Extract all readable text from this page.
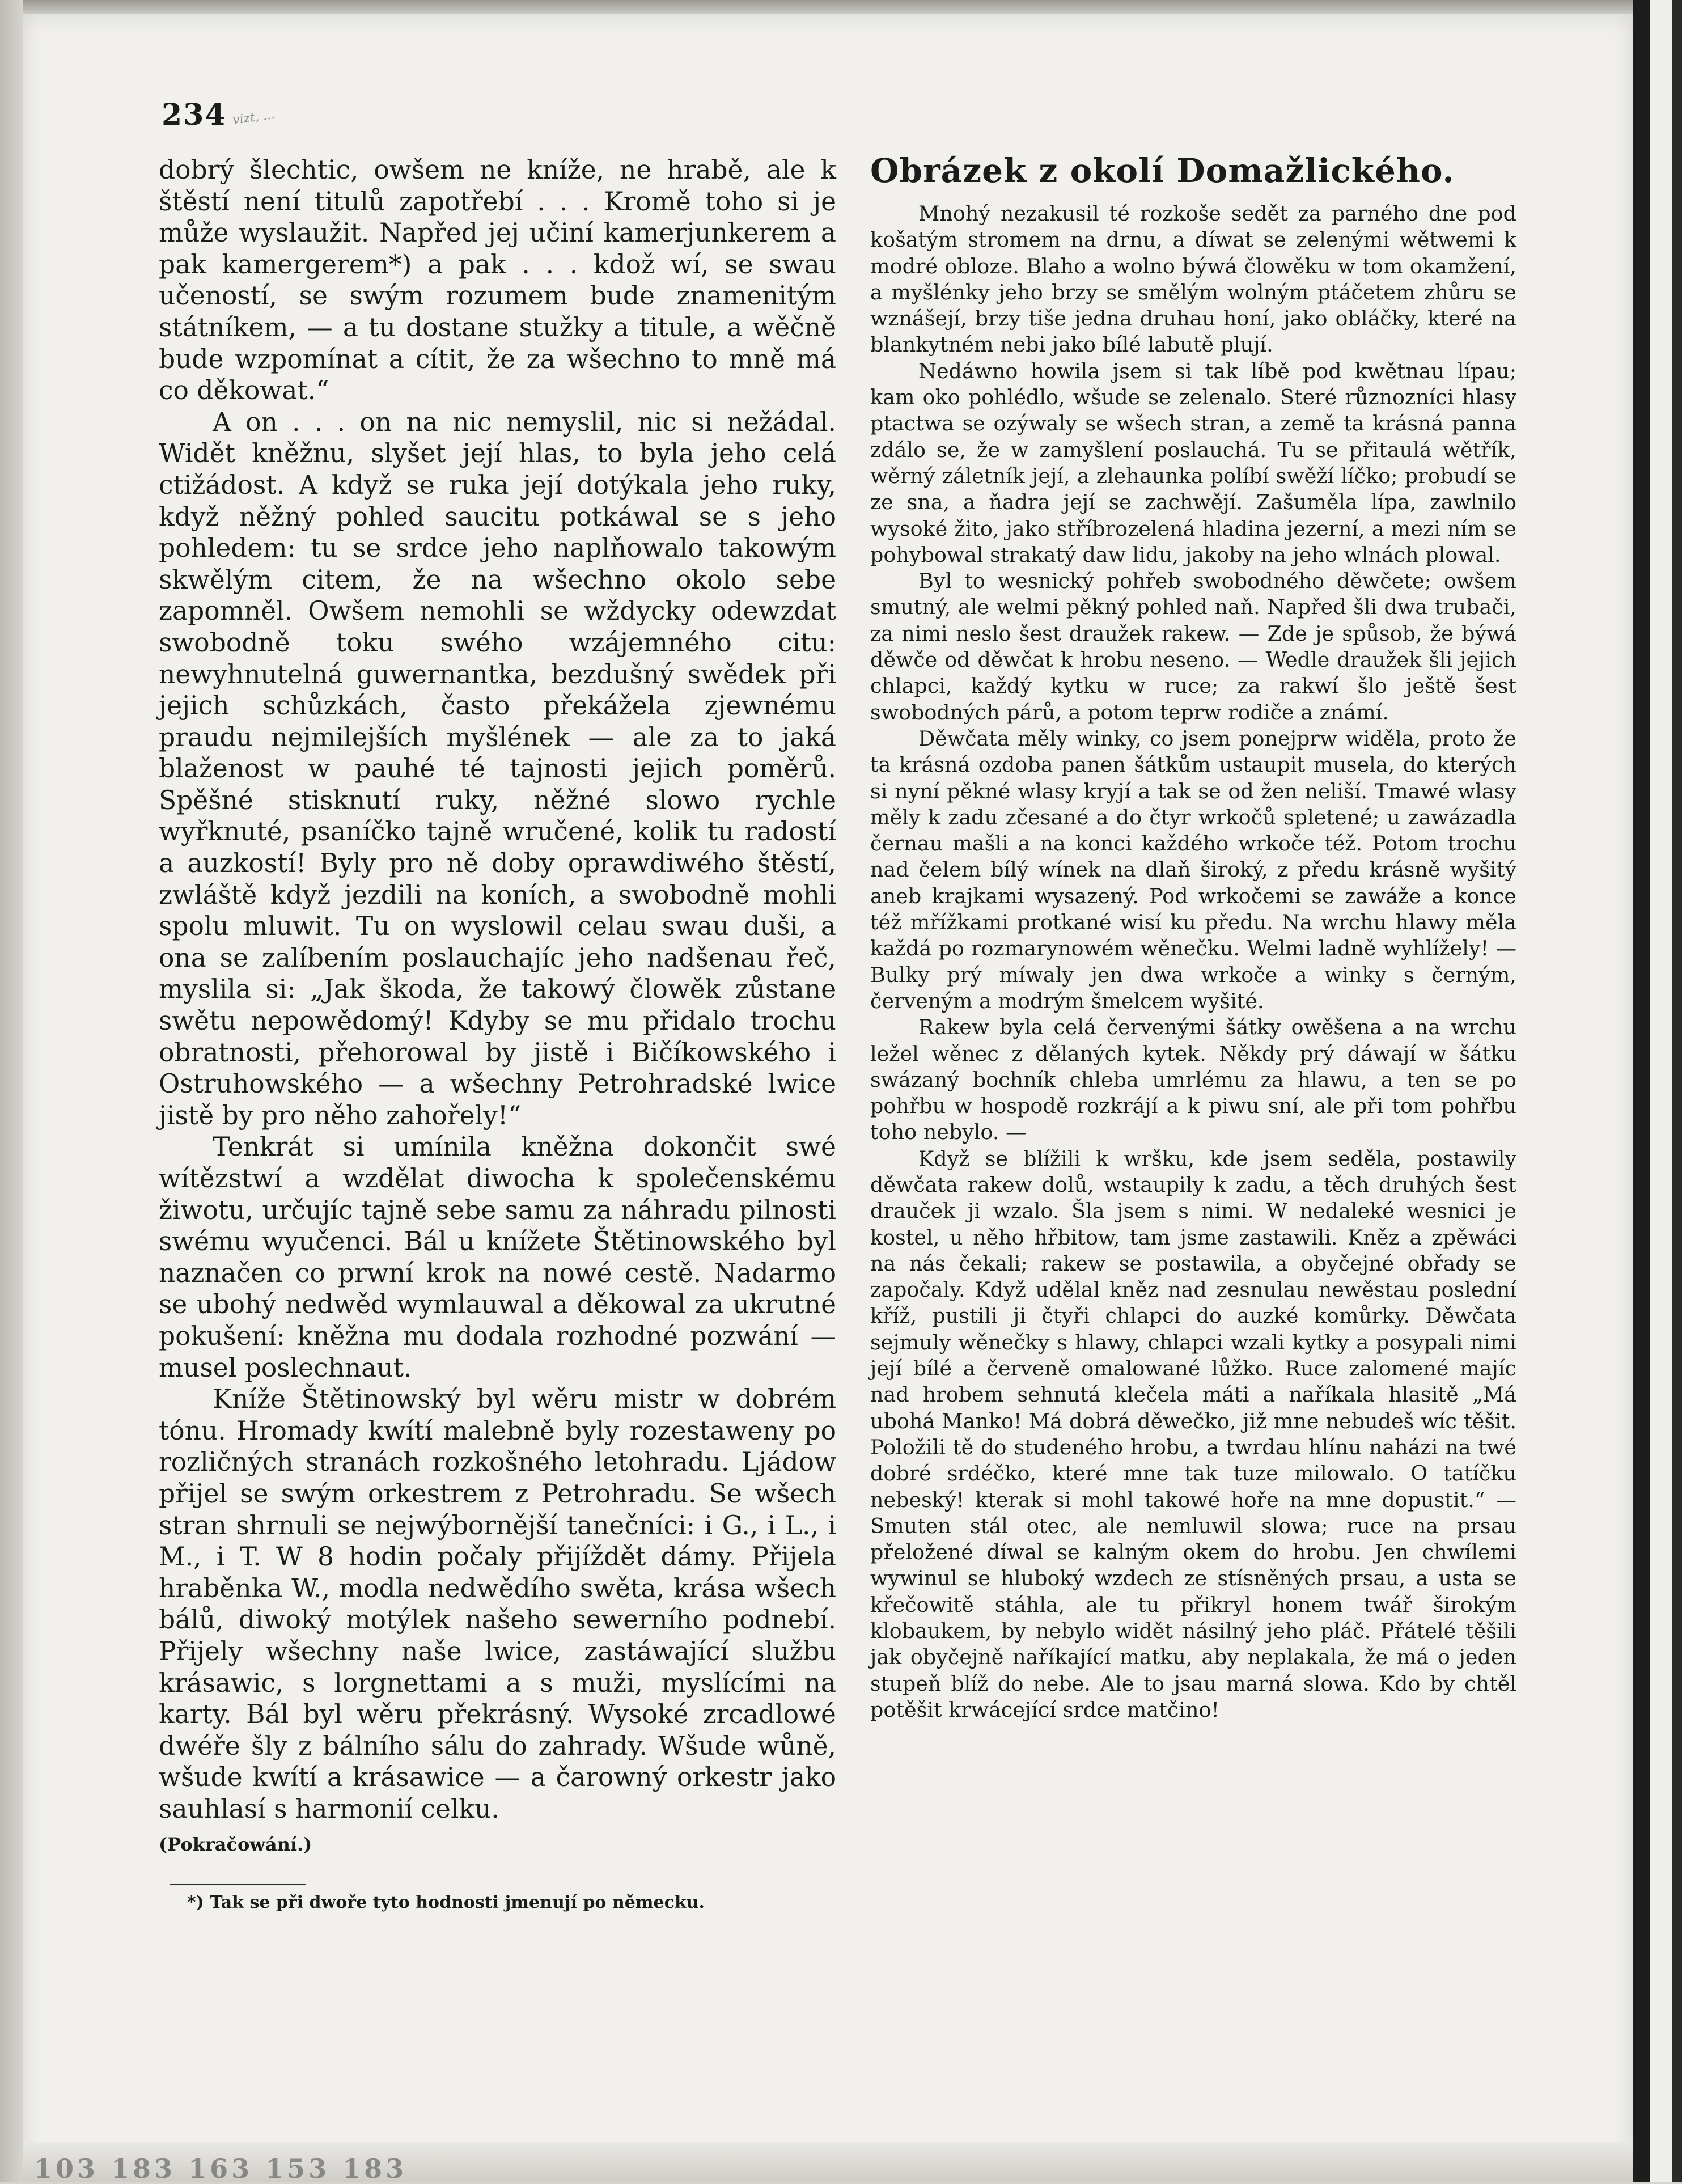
234 vizt, ...

dobrý šlechtic, owšem ne kníže, ne hrabě, ale k štěstí není titulů zapotřebí . . . Kromě toho si je může wyslaužit. Napřed jej učiní kamerjunkerem a pak kamergerem*) a pak . . . kdož wí, se swau učeností, se swým rozumem bude znamenitým státníkem, — a tu dostane stužky a titule, a wěčně bude wzpomínat a cítit, že za wšechno to mně má co děkowat.“

A on . . . on na nic nemyslil, nic si nežádal. Widět kněžnu, slyšet její hlas, to byla jeho celá ctižádost. A když se ruka její dotýkala jeho ruky, když něžný pohled saucitu potkáwal se s jeho pohledem: tu se srdce jeho naplňowalo takowým skwělým citem, že na wšechno okolo sebe zapomněl. Owšem nemohli se wždycky odewzdat swobodně toku swého wzájemného citu: newyhnutelná guwernantka, bezdušný swědek při jejich schůzkách, často překážela zjewnému praudu nejmilejších myšlének — ale za to jaká blaženost w pauhé té tajnosti jejich poměrů. Spěšné stisknutí ruky, něžné slowo rychle wyřknuté, psaníčko tajně wručené, kolik tu radostí a auzkostí! Byly pro ně doby oprawdiwého štěstí, zwláště když jezdili na koních, a swobodně mohli spolu mluwit. Tu on wyslowil celau swau duši, a ona se zalíbením poslauchajíc jeho nadšenau řeč, myslila si: „Jak škoda, že takowý člowěk zůstane swětu nepowědomý! Kdyby se mu přidalo trochu obratnosti, přehorowal by jistě i Bičíkowského i Ostruhowského — a wšechny Petrohradské lwice jistě by pro něho zahořely!“

Tenkrát si umínila kněžna dokončit swé wítězstwí a wzdělat diwocha k společenskému žiwotu, určujíc tajně sebe samu za náhradu pilnosti swému wyučenci. Bál u knížete Štětinowského byl naznačen co prwní krok na nowé cestě. Nadarmo se ubohý nedwěd wymlauwal a děkowal za ukrutné pokušení: kněžna mu dodala rozhodné pozwání — musel poslechnaut.

Kníže Štětinowský byl wěru mistr w dobrém tónu. Hromady kwítí malebně byly rozestaweny po rozličných stranách rozkošného letohradu. Ljádow přijel se swým orkestrem z Petrohradu. Se wšech stran shrnuli se nejwýbornější tanečníci: i G., i L., i M., i T. W 8 hodin počaly přijíždět dámy. Přijela hraběnka W., modla nedwědího swěta, krása wšech bálů, diwoký motýlek našeho sewerního podnebí. Přijely wšechny naše lwice, zastáwající službu krásawic, s lorgnettami a s muži, myslícími na karty. Bál byl wěru překrásný. Wysoké zrcadlowé dwéře šly z bálního sálu do zahrady. Wšude wůně, wšude kwítí a krásawice — a čarowný orkestr jako sauhlasí s harmonií celku.

(Pokračowání.)
*) Tak se při dwoře tyto hodnosti jmenují po německu.
Obrázek z okolí Domažlického.

Mnohý nezakusil té rozkoše sedět za parného dne pod košatým stromem na drnu, a díwat se zelenými wětwemi k modré obloze. Blaho a wolno býwá člowěku w tom okamžení, a myšlénky jeho brzy se smělým wolným ptáčetem zhůru se wznášejí, brzy tiše jedna druhau honí, jako obláčky, které na blankytném nebi jako bílé labutě plují.

Nedáwno howila jsem si tak líbě pod kwětnau lípau; kam oko pohlédlo, wšude se zelenalo. Steré různozníci hlasy ptactwa se ozýwaly se wšech stran, a země ta krásná panna zdálo se, že w zamyšlení poslauchá. Tu se přitaulá wětřík, wěrný záletník její, a zlehaunka políbí swěží líčko; probudí se ze sna, a ňadra její se zachwějí. Zašuměla lípa, zawlnilo wysoké žito, jako stříbrozelená hladina jezerní, a mezi ním se pohybowal strakatý daw lidu, jakoby na jeho wlnách plowal.

Byl to wesnický pohřeb swobodného děwčete; owšem smutný, ale welmi pěkný pohled naň. Napřed šli dwa trubači, za nimi neslo šest draužek rakew. — Zde je spůsob, že býwá děwče od děwčat k hrobu neseno. — Wedle draužek šli jejich chlapci, každý kytku w ruce; za rakwí šlo ještě šest swobodných párů, a potom teprw rodiče a známí.

Děwčata měly winky, co jsem ponejprw widěla, proto že ta krásná ozdoba panen šátkům ustaupit musela, do kterých si nyní pěkné wlasy kryjí a tak se od žen neliší. Tmawé wlasy měly k zadu zčesané a do čtyr wrkočů spletené; u zawázadla černau mašli a na konci každého wrkoče též. Potom trochu nad čelem bílý wínek na dlaň široký, z předu krásně wyšitý aneb krajkami wysazený. Pod wrkočemi se zawáže a konce též mřížkami protkané wisí ku předu. Na wrchu hlawy měla každá po rozmarynowém wěnečku. Welmi ladně wyhlížely! — Bulky prý míwaly jen dwa wrkoče a winky s černým, červeným a modrým šmelcem wyšité.

Rakew byla celá červenými šátky owěšena a na wrchu ležel wěnec z dělaných kytek. Někdy prý dáwají w šátku swázaný bochník chleba umrlému za hlawu, a ten se po pohřbu w hospodě rozkrájí a k piwu sní, ale při tom pohřbu toho nebylo. —

Když se blížili k wršku, kde jsem seděla, postawily děwčata rakew dolů, wstaupily k zadu, a těch druhých šest drauček ji wzalo. Šla jsem s nimi. W nedaleké wesnici je kostel, u něho hřbitow, tam jsme zastawili. Kněz a zpěwáci na nás čekali; rakew se postawila, a obyčejné obřady se započaly. Když udělal kněz nad zesnulau newěstau poslední kříž, pustili ji čtyři chlapci do auzké komůrky. Děwčata sejmuly wěnečky s hlawy, chlapci wzali kytky a posypali nimi její bílé a červeně omalowané lůžko. Ruce zalomené majíc nad hrobem sehnutá klečela máti a naříkala hlasitě „Má ubohá Manko! Má dobrá děwečko, již mne nebudeš wíc těšit. Položili tě do studeného hrobu, a twrdau hlínu naházi na twé dobré srdéčko, které mne tak tuze milowalo. O tatíčku nebeský! kterak si mohl takowé hoře na mne dopustit.“ — Smuten stál otec, ale nemluwil slowa; ruce na prsau přeložené díwal se kalným okem do hrobu. Jen chwílemi wywinul se hluboký wzdech ze stísněných prsau, a usta se křečowitě stáhla, ale tu přikryl honem twář širokým klobaukem, by nebylo widět násilný jeho pláč. Přátelé těšili jak obyčejně naříkající matku, aby neplakala, že má o jeden stupeň blíž do nebe. Ale to jsau marná slowa. Kdo by chtěl potěšit krwácející srdce matčino!

103 183 163 153 183
